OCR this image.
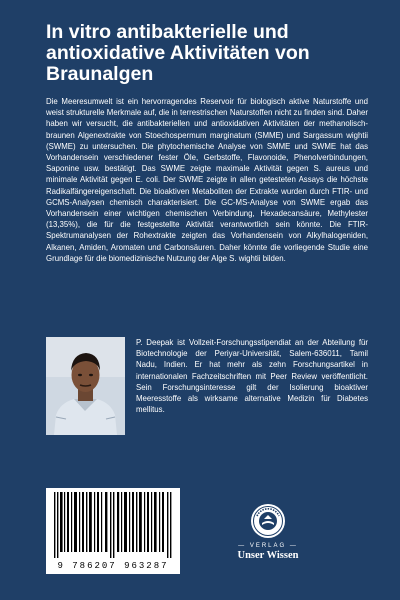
In vitro antibakterielle und antioxidative Aktivitäten von Braunalgen

Die Meeresumwelt ist ein hervorragendes Reservoir für biologisch aktive Naturstoffe und weist strukturelle Merkmale auf, die in terrestrischen Naturstoffen nicht zu finden sind. Daher haben wir versucht, die antibakteriellen und antioxidativen Aktivitäten der methanolisch-braunen Algenextrakte von Stoechospermum marginatum (SMME) und Sargassum wightii (SWME) zu untersuchen. Die phytochemische Analyse von SMME und SWME hat das Vorhandensein verschiedener fester Öle, Gerbstoffe, Flavonoide, Phenolverbindungen, Saponine usw. bestätigt. Das SWME zeigte maximale Aktivität gegen S. aureus und minimale Aktivität gegen E. coli. Der SWME zeigte in allen getesteten Assays die höchste Radikalfängereigenschaft. Die bioaktiven Metaboliten der Extrakte wurden durch FTIR- und GCMS-Analysen chemisch charakterisiert. Die GC-MS-Analyse von SWME ergab das Vorhandensein einer wichtigen chemischen Verbindung, Hexadecansäure, Methylester (13,35%), die für die festgestellte Aktivität verantwortlich sein könnte. Die FTIR-Spektrumanalysen der Rohextrakte zeigten das Vorhandensein von Alkylhalogeniden, Alkanen, Amiden, Aromaten und Carbonsäuren. Daher könnte die vorliegende Studie eine Grundlage für die biomedizinische Nutzung der Alge S. wightii bilden.

P. Deepak ist Vollzeit-Forschungsstipendiat an der Abteilung für Biotechnologie der Periyar-Universität, Salem-636011, Tamil Nadu, Indien. Er hat mehr als zehn Forschungsartikel in internationalen Fachzeitschriften mit Peer Review veröffentlicht. Sein Forschungsinteresse gilt der Isolierung bioaktiver Meeresstoffe als wirksame alternative Medizin für Diabetes mellitus.

9 786207 963287
— VERLAG —
Unser Wissen
